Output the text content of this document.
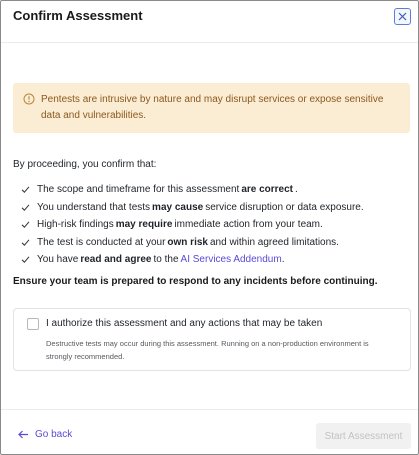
Confirm Assessment
Pentests are intrusive by nature and may disrupt services or expose sensitive data and vulnerabilities.
By proceeding, you confirm that:
The scope and timeframe for this assessment are correct .
You understand that tests may cause service disruption or data exposure.
High-risk findings may require immediate action from your team.
The test is conducted at your own risk and within agreed limitations.
You have read and agree to the AI Services Addendum .
Ensure your team is prepared to respond to any incidents before continuing.
I authorize this assessment and any actions that may be taken
Destructive tests may occur during this assessment. Running on a non-production environment is strongly recommended.
Go back	Start Assessment
